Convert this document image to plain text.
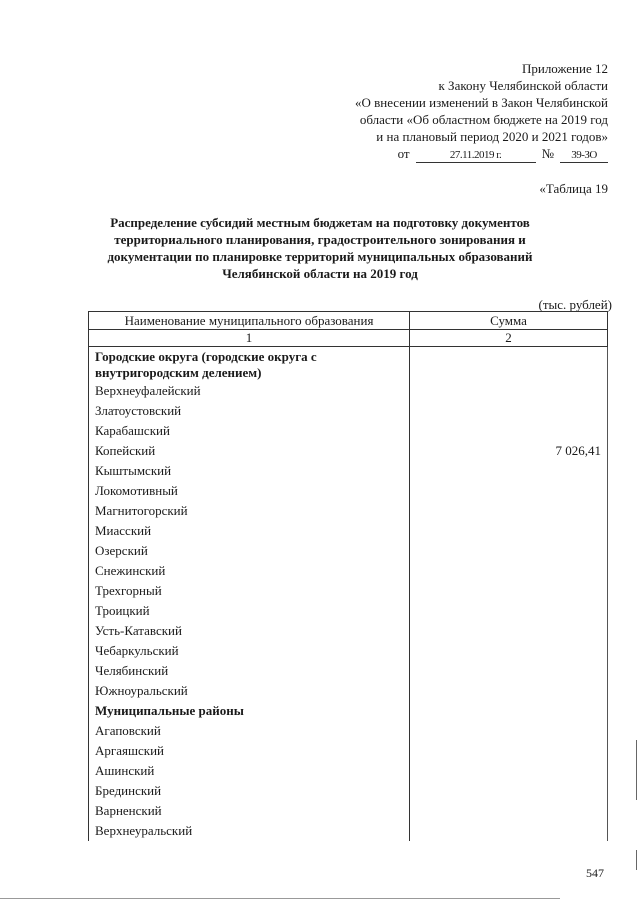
Приложение 12
к Закону Челябинской области
«О внесении изменений в Закон Челябинской
области «Об областном бюджете на 2019 год
и на плановый период 2020 и 2021 годов»
от	27.11.2019 г.	№	39-ЗО
«Таблица 19
Распределение субсидий местным бюджетам на подготовку документов территориального планирования, градостроительного зонирования и документации по планировке территорий муниципальных образований Челябинской области на 2019 год
(тыс. рублей)
Наименование муниципального образования	Сумма
1	2
Городские округа (городские округа с внутригородским делением)
Верхнеуфалейский
Златоустовский
Карабашский
Копейский	7 026,41
Кыштымский
Локомотивный
Магнитогорский
Миасский
Озерский
Снежинский
Трехгорный
Троицкий
Усть-Катавский
Чебаркульский
Челябинский
Южноуральский
Муниципальные районы
Агаповский
Аргаяшский
Ашинский
Брединский
Варненский
Верхнеуральский
547
